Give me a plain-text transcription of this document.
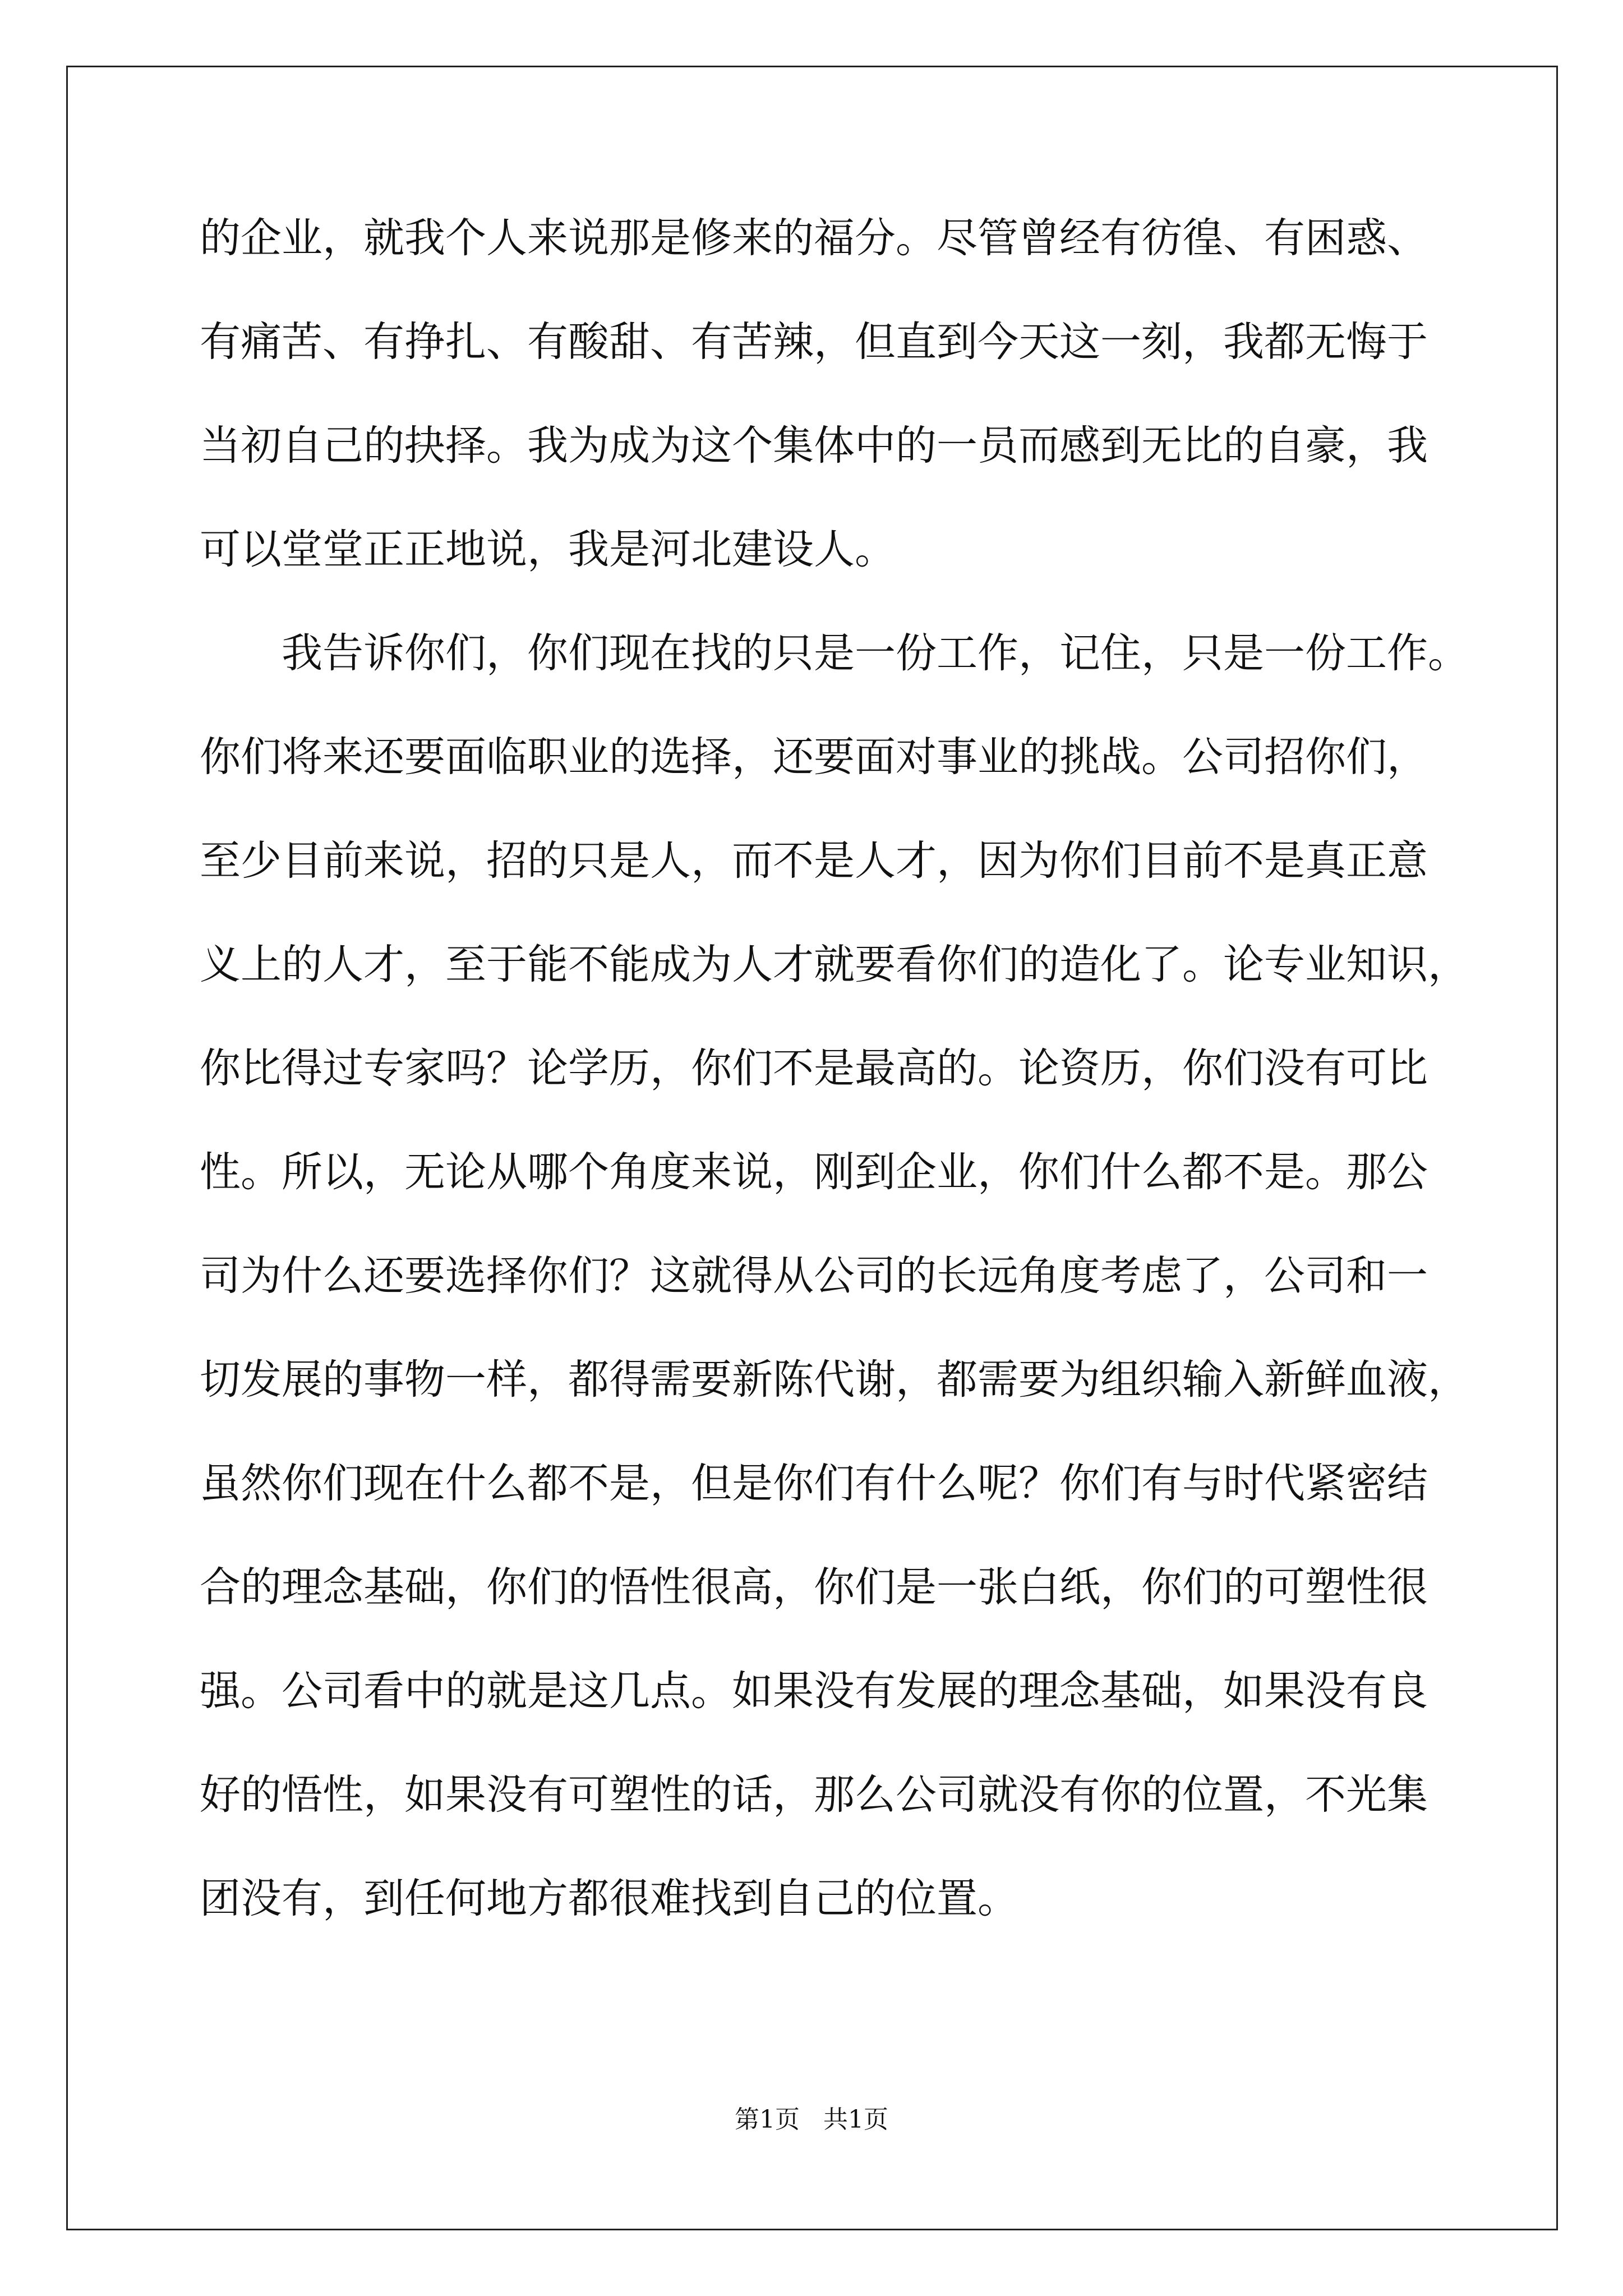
的企业，就我个人来说那是修来的福分。尽管曾经有彷徨、有困惑、
有痛苦、有挣扎、有酸甜、有苦辣，但直到今天这一刻，我都无悔于
当初自己的抉择。我为成为这个集体中的一员而感到无比的自豪，我
可以堂堂正正地说，我是河北建设人。
我告诉你们，你们现在找的只是一份工作，记住，只是一份工作。
你们将来还要面临职业的选择，还要面对事业的挑战。公司招你们，
至少目前来说，招的只是人，而不是人才，因为你们目前不是真正意
义上的人才，至于能不能成为人才就要看你们的造化了。论专业知识，
你比得过专家吗？论学历，你们不是最高的。论资历，你们没有可比
性。所以，无论从哪个角度来说，刚到企业，你们什么都不是。那公
司为什么还要选择你们？这就得从公司的长远角度考虑了，公司和一
切发展的事物一样，都得需要新陈代谢，都需要为组织输入新鲜血液，
虽然你们现在什么都不是，但是你们有什么呢？你们有与时代紧密结
合的理念基础，你们的悟性很高，你们是一张白纸，你们的可塑性很
强。公司看中的就是这几点。如果没有发展的理念基础，如果没有良
好的悟性，如果没有可塑性的话，那么公司就没有你的位置，不光集
团没有，到任何地方都很难找到自己的位置。
第1页   共1页
